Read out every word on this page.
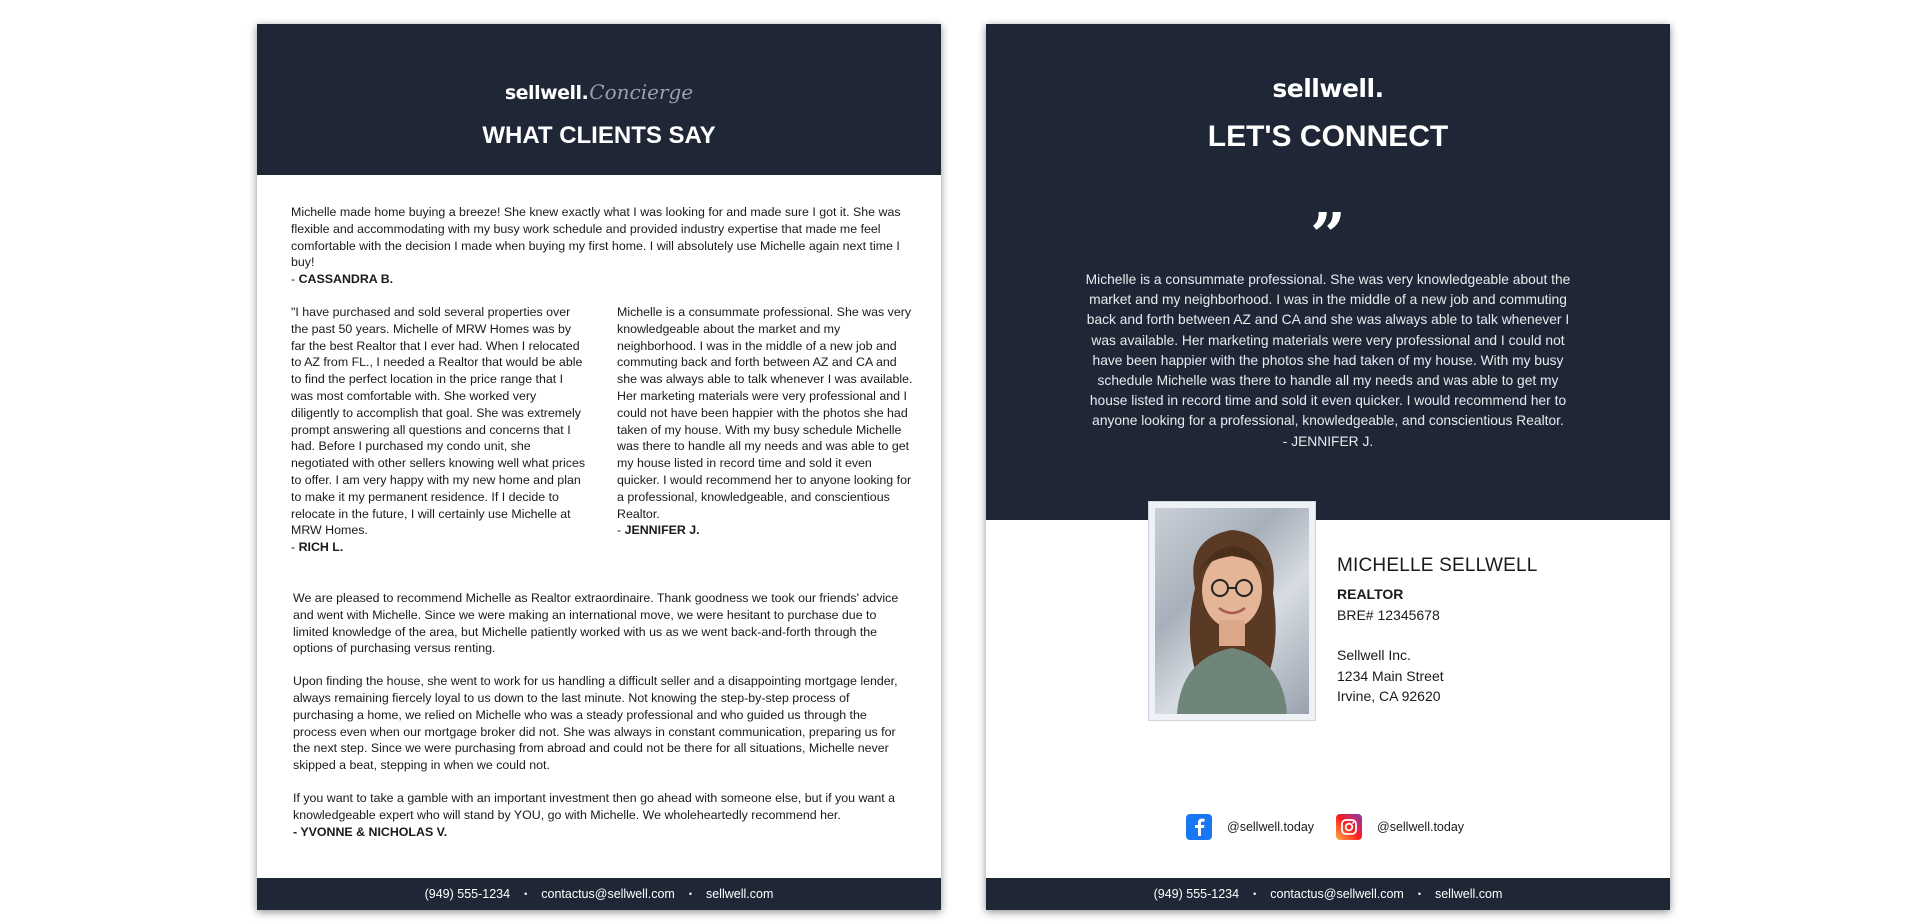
sellwell.Concierge
WHAT CLIENTS SAY
Michelle made home buying a breeze! She knew exactly what I was looking for and made sure I got it. She was flexible and accommodating with my busy work schedule and provided industry expertise that made me feel comfortable with the decision I made when buying my first home. I will absolutely use Michelle again next time I buy!
- CASSANDRA B.
"I have purchased and sold several properties over the past 50 years. Michelle of MRW Homes was by far the best Realtor that I ever had. When I relocated to AZ from FL., I needed a Realtor that would be able to find the perfect location in the price range that I was most comfortable with. She worked very diligently to accomplish that goal. She was extremely prompt answering all questions and concerns that I had. Before I purchased my condo unit, she negotiated with other sellers knowing well what prices to offer. I am very happy with my new home and plan to make it my permanent residence. If I decide to relocate in the future, I will certainly use Michelle at MRW Homes.
- RICH L.
Michelle is a consummate professional. She was very knowledgeable about the market and my neighborhood. I was in the middle of a new job and commuting back and forth between AZ and CA and she was always able to talk whenever I was available. Her marketing materials were very professional and I could not have been happier with the photos she had taken of my house. With my busy schedule Michelle was there to handle all my needs and was able to get my house listed in record time and sold it even quicker. I would recommend her to anyone looking for a professional, knowledgeable, and conscientious Realtor.
- JENNIFER J.
We are pleased to recommend Michelle as Realtor extraordinaire. Thank goodness we took our friends' advice and went with Michelle. Since we were making an international move, we were hesitant to purchase due to limited knowledge of the area, but Michelle patiently worked with us as we went back-and-forth through the options of purchasing versus renting.
Upon finding the house, she went to work for us handling a difficult seller and a disappointing mortgage lender, always remaining fiercely loyal to us down to the last minute. Not knowing the step-by-step process of purchasing a home, we relied on Michelle who was a steady professional and who guided us through the process even when our mortgage broker did not. She was always in constant communication, preparing us for the next step. Since we were purchasing from abroad and could not be there for all situations, Michelle never skipped a beat, stepping in when we could not.
If you want to take a gamble with an important investment then go ahead with someone else, but if you want a knowledgeable expert who will stand by YOU, go with Michelle. We wholeheartedly recommend her.
- YVONNE & NICHOLAS V.
(949) 555-1234 • contactus@sellwell.com • sellwell.com
sellwell.
LET'S CONNECT
”
Michelle is a consummate professional. She was very knowledgeable about the market and my neighborhood. I was in the middle of a new job and commuting back and forth between AZ and CA and she was always able to talk whenever I was available. Her marketing materials were very professional and I could not have been happier with the photos she had taken of my house. With my busy schedule Michelle was there to handle all my needs and was able to get my house listed in record time and sold it even quicker. I would recommend her to anyone looking for a professional, knowledgeable, and conscientious Realtor.
- JENNIFER J.
MICHELLE SELLWELL
REALTOR
BRE# 12345678
Sellwell Inc.
1234 Main Street
Irvine, CA 92620
@sellwell.today	@sellwell.today
(949) 555-1234 • contactus@sellwell.com • sellwell.com
